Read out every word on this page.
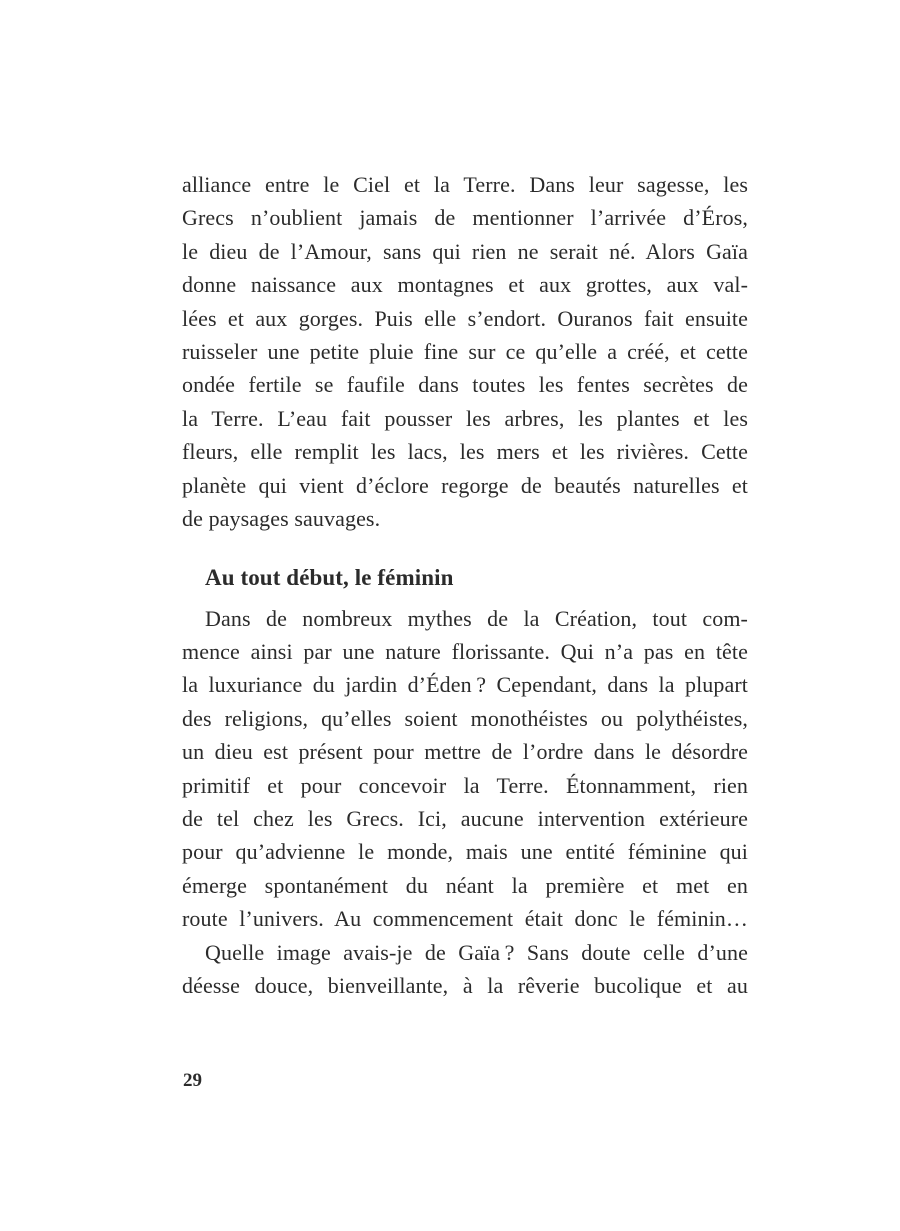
alliance entre le Ciel et la Terre. Dans leur sagesse, les
Grecs n’oublient jamais de mentionner l’arrivée d’Éros,
le dieu de l’Amour, sans qui rien ne serait né. Alors Gaïa
donne naissance aux montagnes et aux grottes, aux val-
lées et aux gorges. Puis elle s’endort. Ouranos fait ensuite
ruisseler une petite pluie fine sur ce qu’elle a créé, et cette
ondée fertile se faufile dans toutes les fentes secrètes de
la Terre. L’eau fait pousser les arbres, les plantes et les
fleurs, elle remplit les lacs, les mers et les rivières. Cette
planète qui vient d’éclore regorge de beautés naturelles et
de paysages sauvages.
Au tout début, le féminin
Dans de nombreux mythes de la Création, tout com-
mence ainsi par une nature florissante. Qui n’a pas en tête
la luxuriance du jardin d’Éden ? Cependant, dans la plupart
des religions, qu’elles soient monothéistes ou polythéistes,
un dieu est présent pour mettre de l’ordre dans le désordre
primitif et pour concevoir la Terre. Étonnamment, rien
de tel chez les Grecs. Ici, aucune intervention extérieure
pour qu’advienne le monde, mais une entité féminine qui
émerge spontanément du néant la première et met en
route l’univers. Au commencement était donc le féminin…
Quelle image avais-je de Gaïa ? Sans doute celle d’une
déesse douce, bienveillante, à la rêverie bucolique et au
29
